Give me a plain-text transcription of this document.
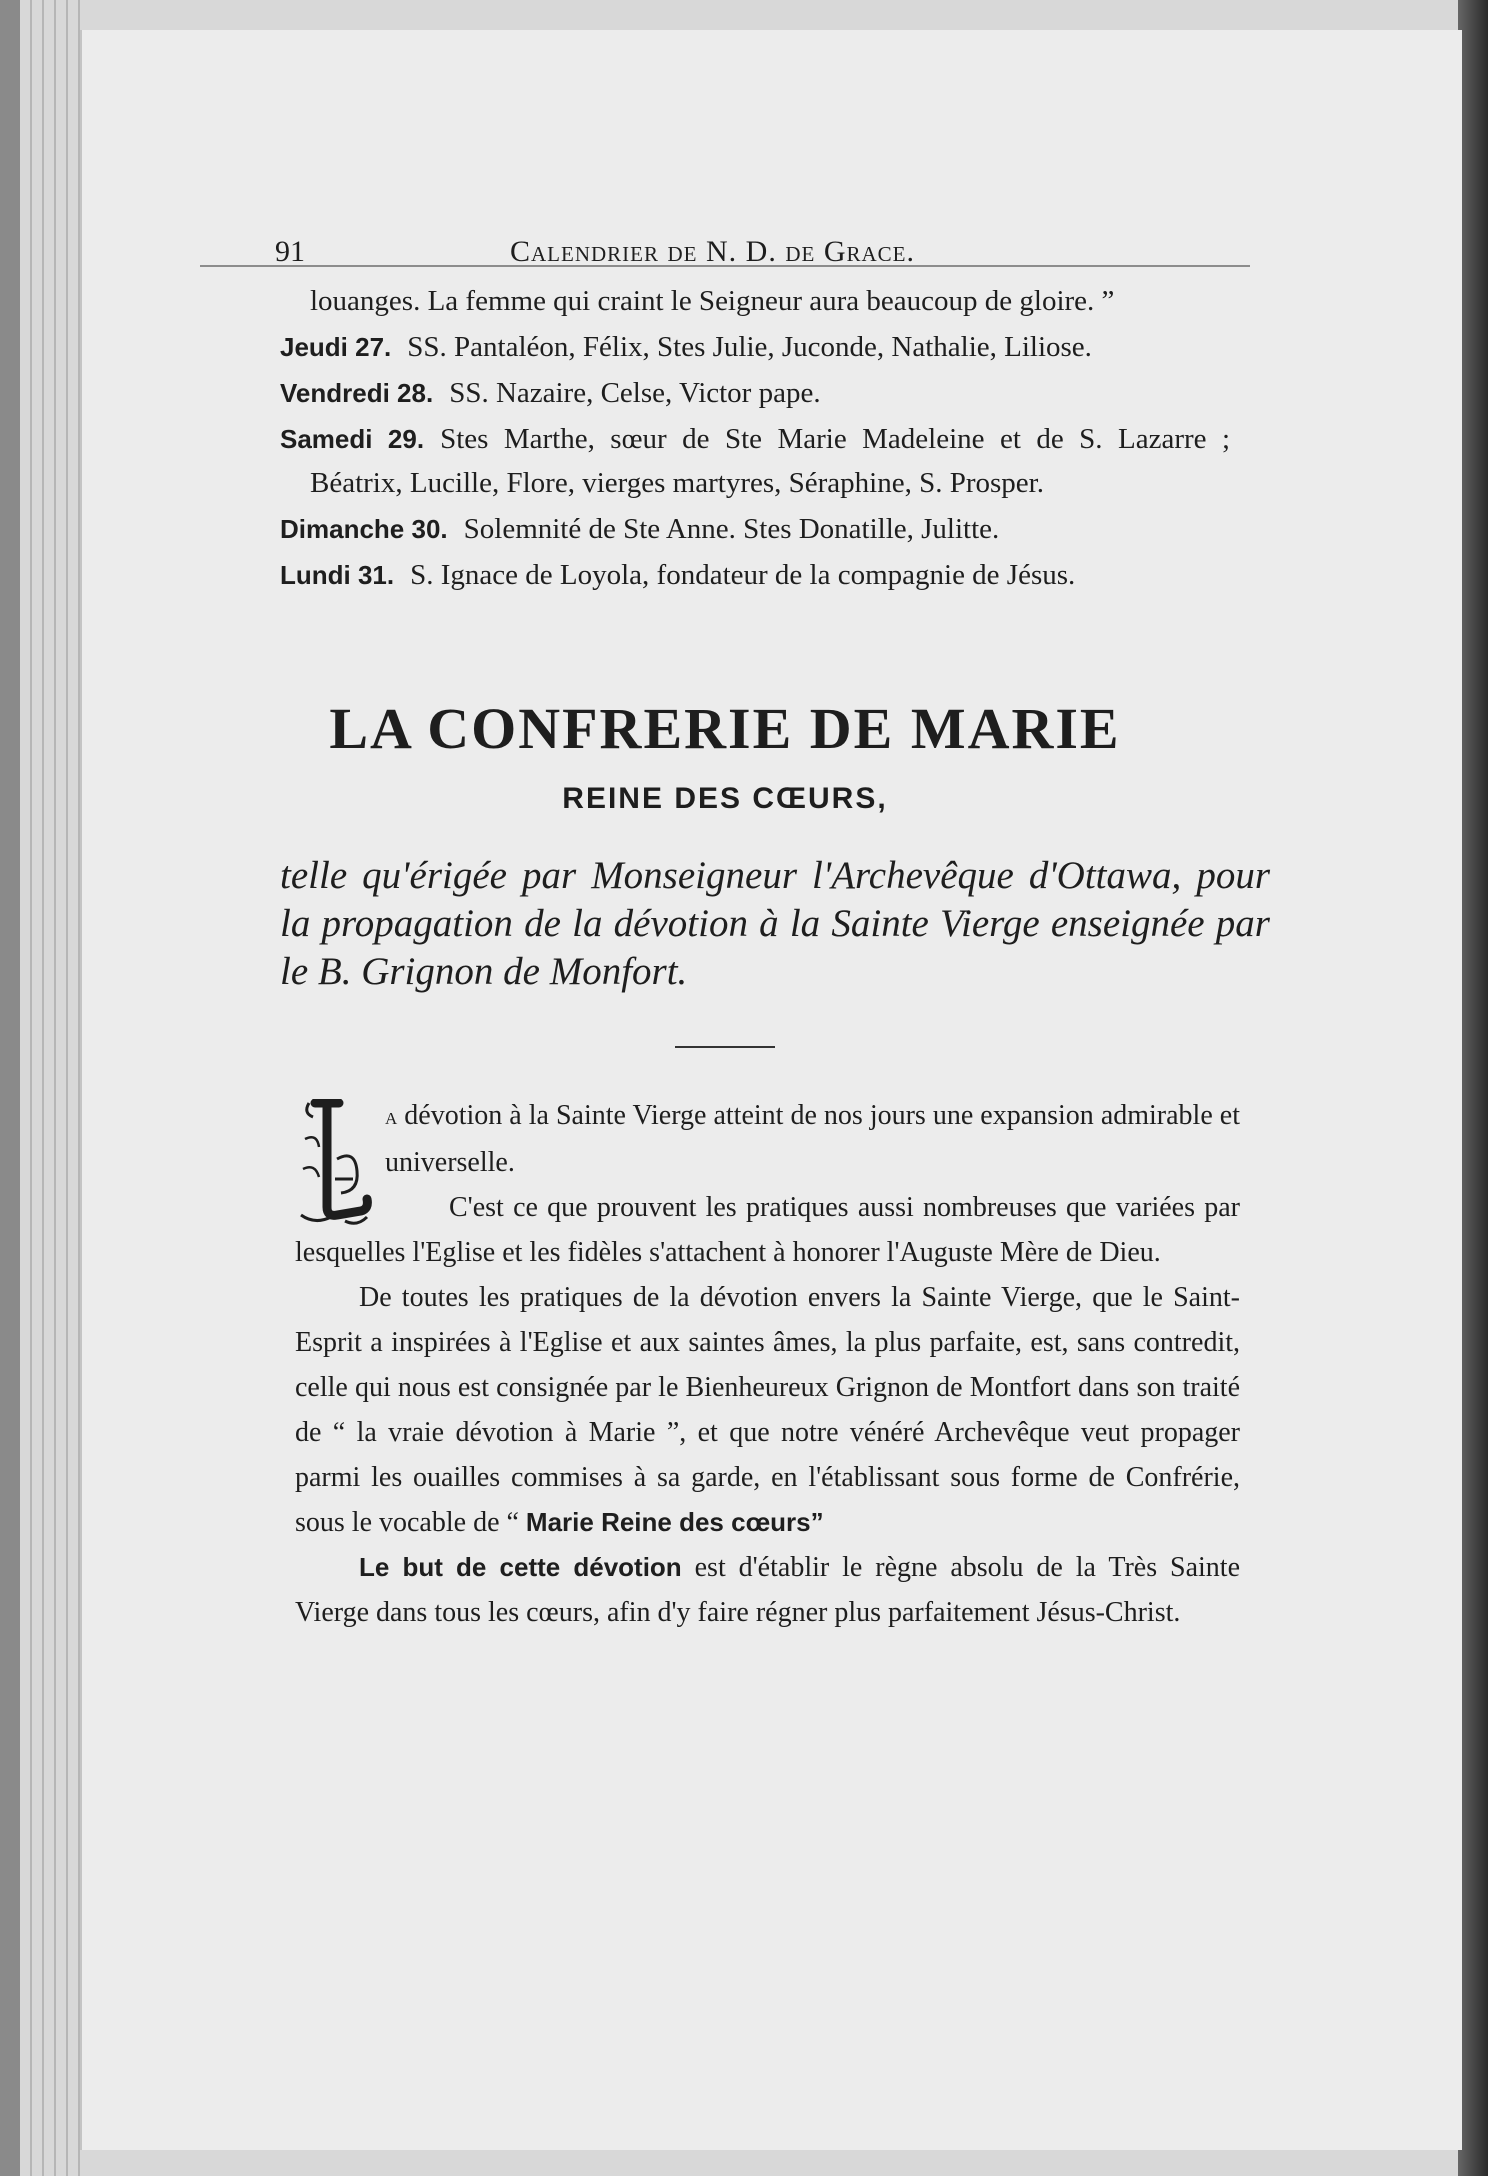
91	Calendrier de N. D. de Grace.

louanges. La femme qui craint le Seigneur aura beaucoup de gloire. ”

Jeudi 27. SS. Pantaléon, Félix, Stes Julie, Juconde, Nathalie, Liliose.

Vendredi 28. SS. Nazaire, Celse, Victor pape.

Samedi 29. Stes Marthe, sœur de Ste Marie Madeleine et de S. Lazarre ; Béatrix, Lucille, Flore, vierges martyres, Séraphine, S. Prosper.

Dimanche 30. Solemnité de Ste Anne. Stes Donatille, Julitte.

Lundi 31. S. Ignace de Loyola, fondateur de la compagnie de Jésus.

LA CONFRERIE DE MARIE
REINE DES CŒURS,

telle qu'érigée par Monseigneur l'Archevêque d'Ottawa, pour la propagation de la dévotion à la Sainte Vierge enseignée par le B. Grignon de Monfort.

a dévotion à la Sainte Vierge atteint de nos jours une expansion admirable et universelle.

C'est ce que prouvent les pratiques aussi nombreuses que variées par lesquelles l'Eglise et les fidèles s'attachent à honorer l'Auguste Mère de Dieu.

De toutes les pratiques de la dévotion envers la Sainte Vierge, que le Saint-Esprit a inspirées à l'Eglise et aux saintes âmes, la plus parfaite, est, sans contredit, celle qui nous est consignée par le Bienheureux Grignon de Montfort dans son traité de “ la vraie dévotion à Marie ”, et que notre vénéré Archevêque veut propager parmi les ouailles commises à sa garde, en l'établissant sous forme de Confrérie, sous le vocable de “ Marie Reine des cœurs”

Le but de cette dévotion est d'établir le règne absolu de la Très Sainte Vierge dans tous les cœurs, afin d'y faire régner plus parfaitement Jésus-Christ.
